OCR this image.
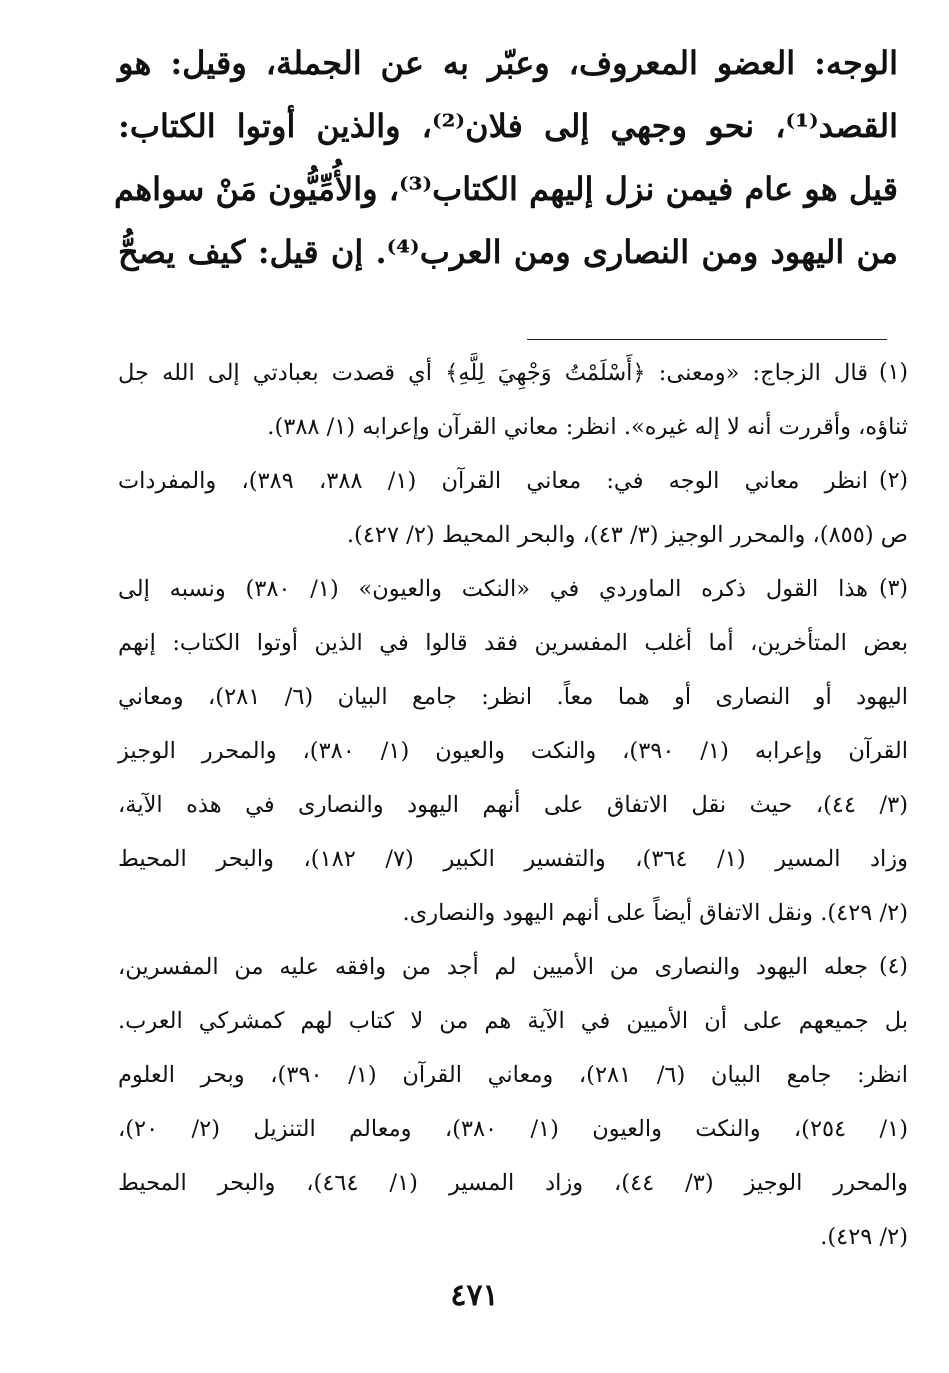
الوجه: العضو المعروف، وعبّر به عن الجملة، وقيل: هو
القصد⁽¹⁾، نحو وجهي إلى فلان⁽²⁾، والذين أوتوا الكتاب:
قيل هو عام فيمن نزل إليهم الكتاب⁽³⁾، والأُمِّيُّون مَنْ سواهم
من اليهود ومن النصارى ومن العرب⁽⁴⁾. إن قيل: كيف يصحُّ
(١)
قال الزجاج: «ومعنى: ﴿أَسْلَمْتُ وَجْهِيَ لِلَّهِ﴾ أي قصدت بعبادتي إلى الله جل
ثناؤه، وأقررت أنه لا إله غيره». انظر: معاني القرآن وإعرابه (١/ ٣٨٨).
(٢)
انظر معاني الوجه في: معاني القرآن (١/ ٣٨٨، ٣٨٩)، والمفردات
ص (٨٥٥)، والمحرر الوجيز (٣/ ٤٣)، والبحر المحيط (٢/ ٤٢٧).
(٣)
هذا القول ذكره الماوردي في «النكت والعيون» (١/ ٣٨٠) ونسبه إلى
بعض المتأخرين، أما أغلب المفسرين فقد قالوا في الذين أوتوا الكتاب: إنهم
اليهود أو النصارى أو هما معاً. انظر: جامع البيان (٦/ ٢٨١)، ومعاني
القرآن وإعرابه (١/ ٣٩٠)، والنكت والعيون (١/ ٣٨٠)، والمحرر الوجيز
(٣/ ٤٤)، حيث نقل الاتفاق على أنهم اليهود والنصارى في هذه الآية،
وزاد المسير (١/ ٣٦٤)، والتفسير الكبير (٧/ ١٨٢)، والبحر المحيط
(٢/ ٤٢٩). ونقل الاتفاق أيضاً على أنهم اليهود والنصارى.
(٤)
جعله اليهود والنصارى من الأميين لم أجد من وافقه عليه من المفسرين،
بل جميعهم على أن الأميين في الآية هم من لا كتاب لهم كمشركي العرب.
انظر: جامع البيان (٦/ ٢٨١)، ومعاني القرآن (١/ ٣٩٠)، وبحر العلوم
(١/ ٢٥٤)، والنكت والعيون (١/ ٣٨٠)، ومعالم التنزيل (٢/ ٢٠)،
والمحرر الوجيز (٣/ ٤٤)، وزاد المسير (١/ ٤٦٤)، والبحر المحيط
(٢/ ٤٢٩).
٤٧١
